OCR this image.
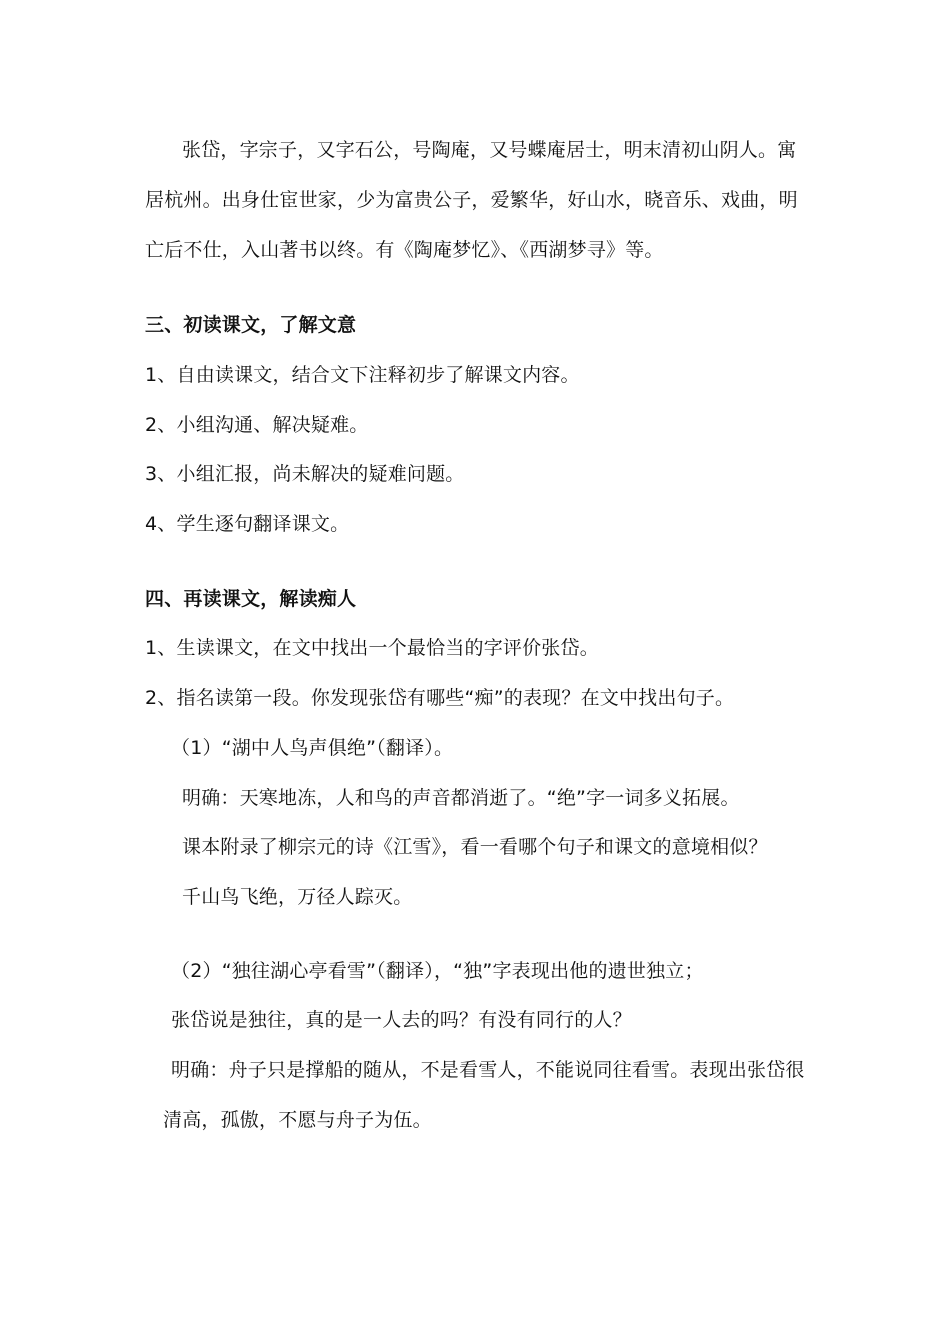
张岱，字宗子，又字石公，号陶庵，又号蝶庵居士，明末清初山阴人。寓
居杭州。出身仕宦世家，少为富贵公子，爱繁华，好山水，晓音乐、戏曲，明
亡后不仕，入山著书以终。有《陶庵梦忆》、《西湖梦寻》等。
三、初读课文，了解文意
1、自由读课文，结合文下注释初步了解课文内容。
2、小组沟通、解决疑难。
3、小组汇报，尚未解决的疑难问题。
4、学生逐句翻译课文。
四、再读课文，解读痴人
1、生读课文，在文中找出一个最恰当的字评价张岱。
2、指名读第一段。你发现张岱有哪些“痴”的表现？在文中找出句子。
（1）“湖中人鸟声俱绝”（翻译）。
明确：天寒地冻，人和鸟的声音都消逝了。“绝”字一词多义拓展。
课本附录了柳宗元的诗《江雪》，看一看哪个句子和课文的意境相似？
千山鸟飞绝，万径人踪灭。
（2）“独往湖心亭看雪”（翻译），“独”字表现出他的遗世独立；
张岱说是独往，真的是一人去的吗？有没有同行的人？
明确：舟子只是撑船的随从，不是看雪人，不能说同往看雪。表现出张岱很
清高，孤傲，不愿与舟子为伍。
